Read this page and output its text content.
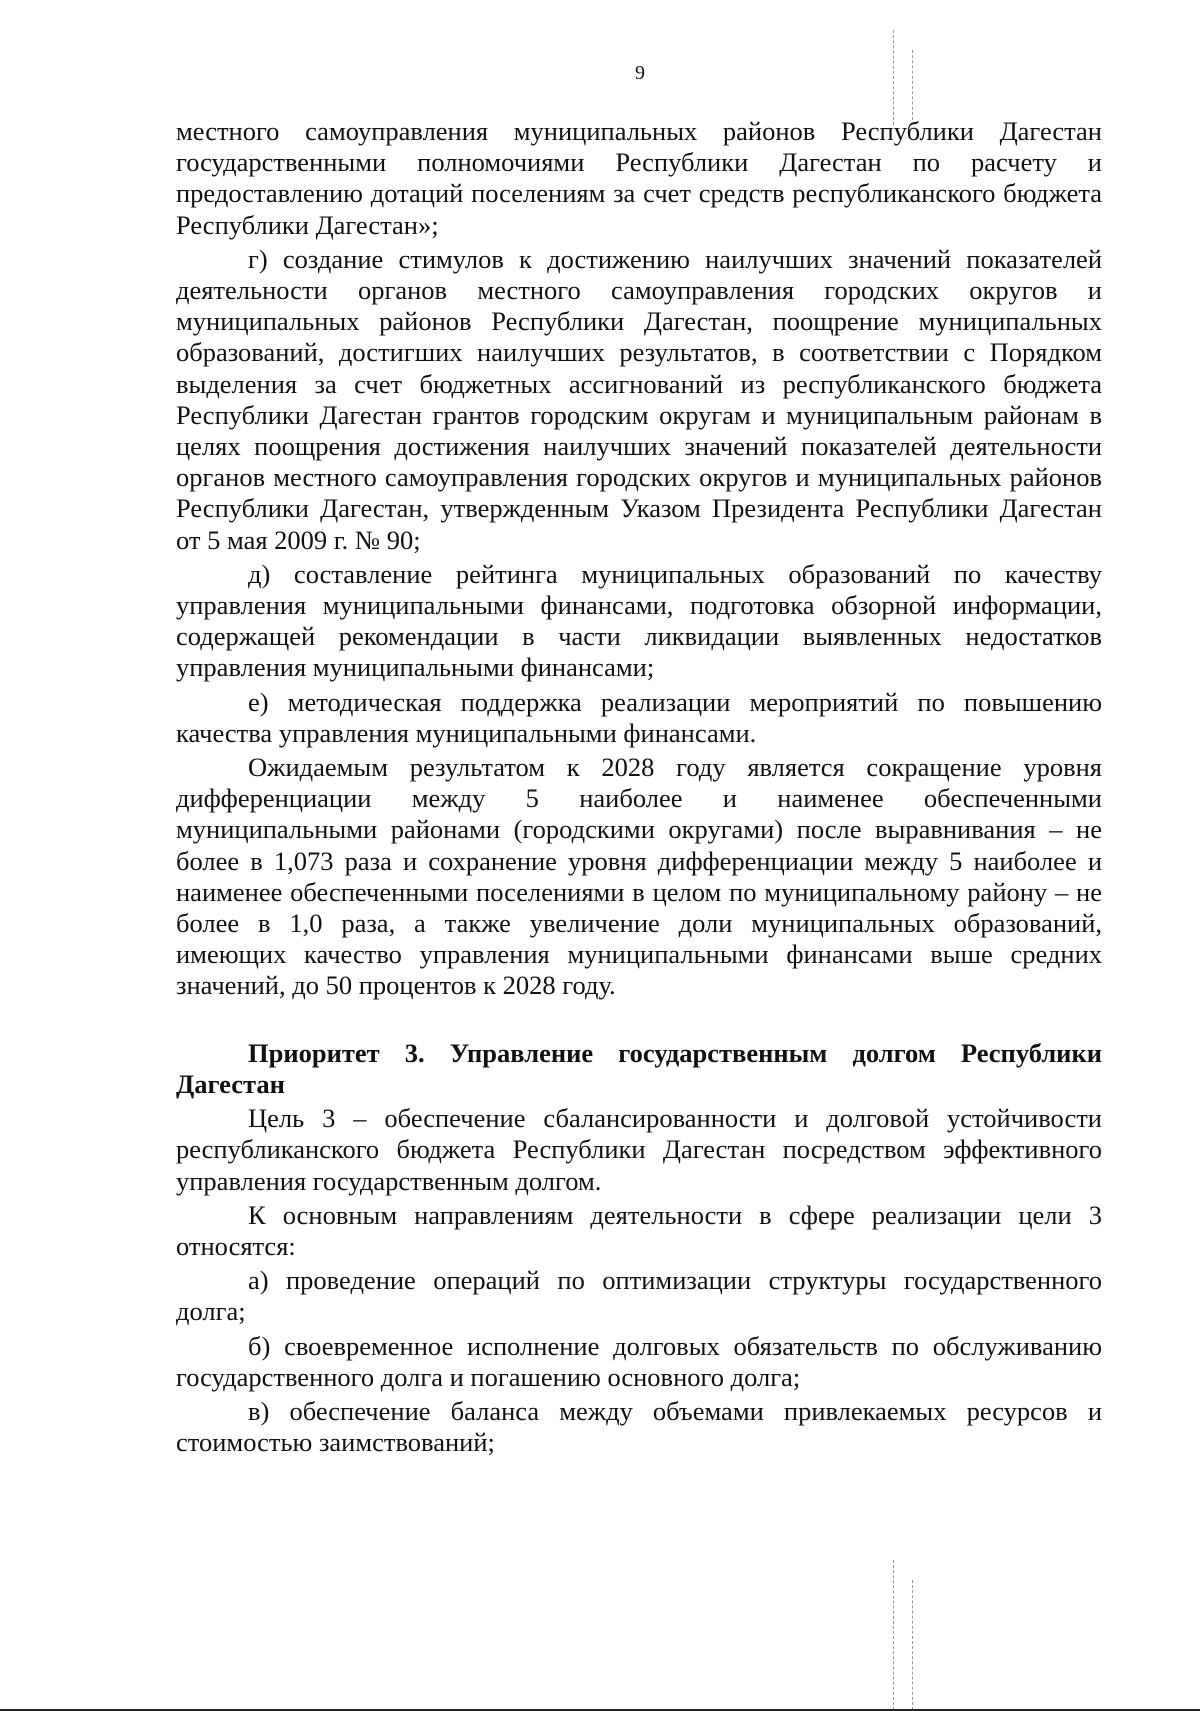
9

местного самоуправления муниципальных районов Республики Дагестан государственными полномочиями Республики Дагестан по расчету и предоставлению дотаций поселениям за счет средств республиканского бюджета Республики Дагестан»;

г) создание стимулов к достижению наилучших значений показателей деятельности органов местного самоуправления городских округов и муниципальных районов Республики Дагестан, поощрение муниципальных образований, достигших наилучших результатов, в соответствии с Порядком выделения за счет бюджетных ассигнований из республиканского бюджета Республики Дагестан грантов городским округам и муниципальным районам в целях поощрения достижения наилучших значений показателей деятельности органов местного самоуправления городских округов и муниципальных районов Республики Дагестан, утвержденным Указом Президента Республики Дагестан от 5 мая 2009 г. № 90;

д) составление рейтинга муниципальных образований по качеству управления муниципальными финансами, подготовка обзорной информации, содержащей рекомендации в части ликвидации выявленных недостатков управления муниципальными финансами;

е) методическая поддержка реализации мероприятий по повышению качества управления муниципальными финансами.

Ожидаемым результатом к 2028 году является сокращение уровня дифференциации между 5 наиболее и наименее обеспеченными муниципальными районами (городскими округами) после выравнивания – не более в 1,073 раза и сохранение уровня дифференциации между 5 наиболее и наименее обеспеченными поселениями в целом по муниципальному району – не более в 1,0 раза, а также увеличение доли муниципальных образований, имеющих качество управления муниципальными финансами выше средних значений, до 50 процентов к 2028 году.

Приоритет 3. Управление государственным долгом Республики Дагестан

Цель 3 – обеспечение сбалансированности и долговой устойчивости республиканского бюджета Республики Дагестан посредством эффективного управления государственным долгом.

К основным направлениям деятельности в сфере реализации цели 3 относятся:

а) проведение операций по оптимизации структуры государственного долга;

б) своевременное исполнение долговых обязательств по обслуживанию государственного долга и погашению основного долга;

в) обеспечение баланса между объемами привлекаемых ресурсов и стоимостью заимствований;
